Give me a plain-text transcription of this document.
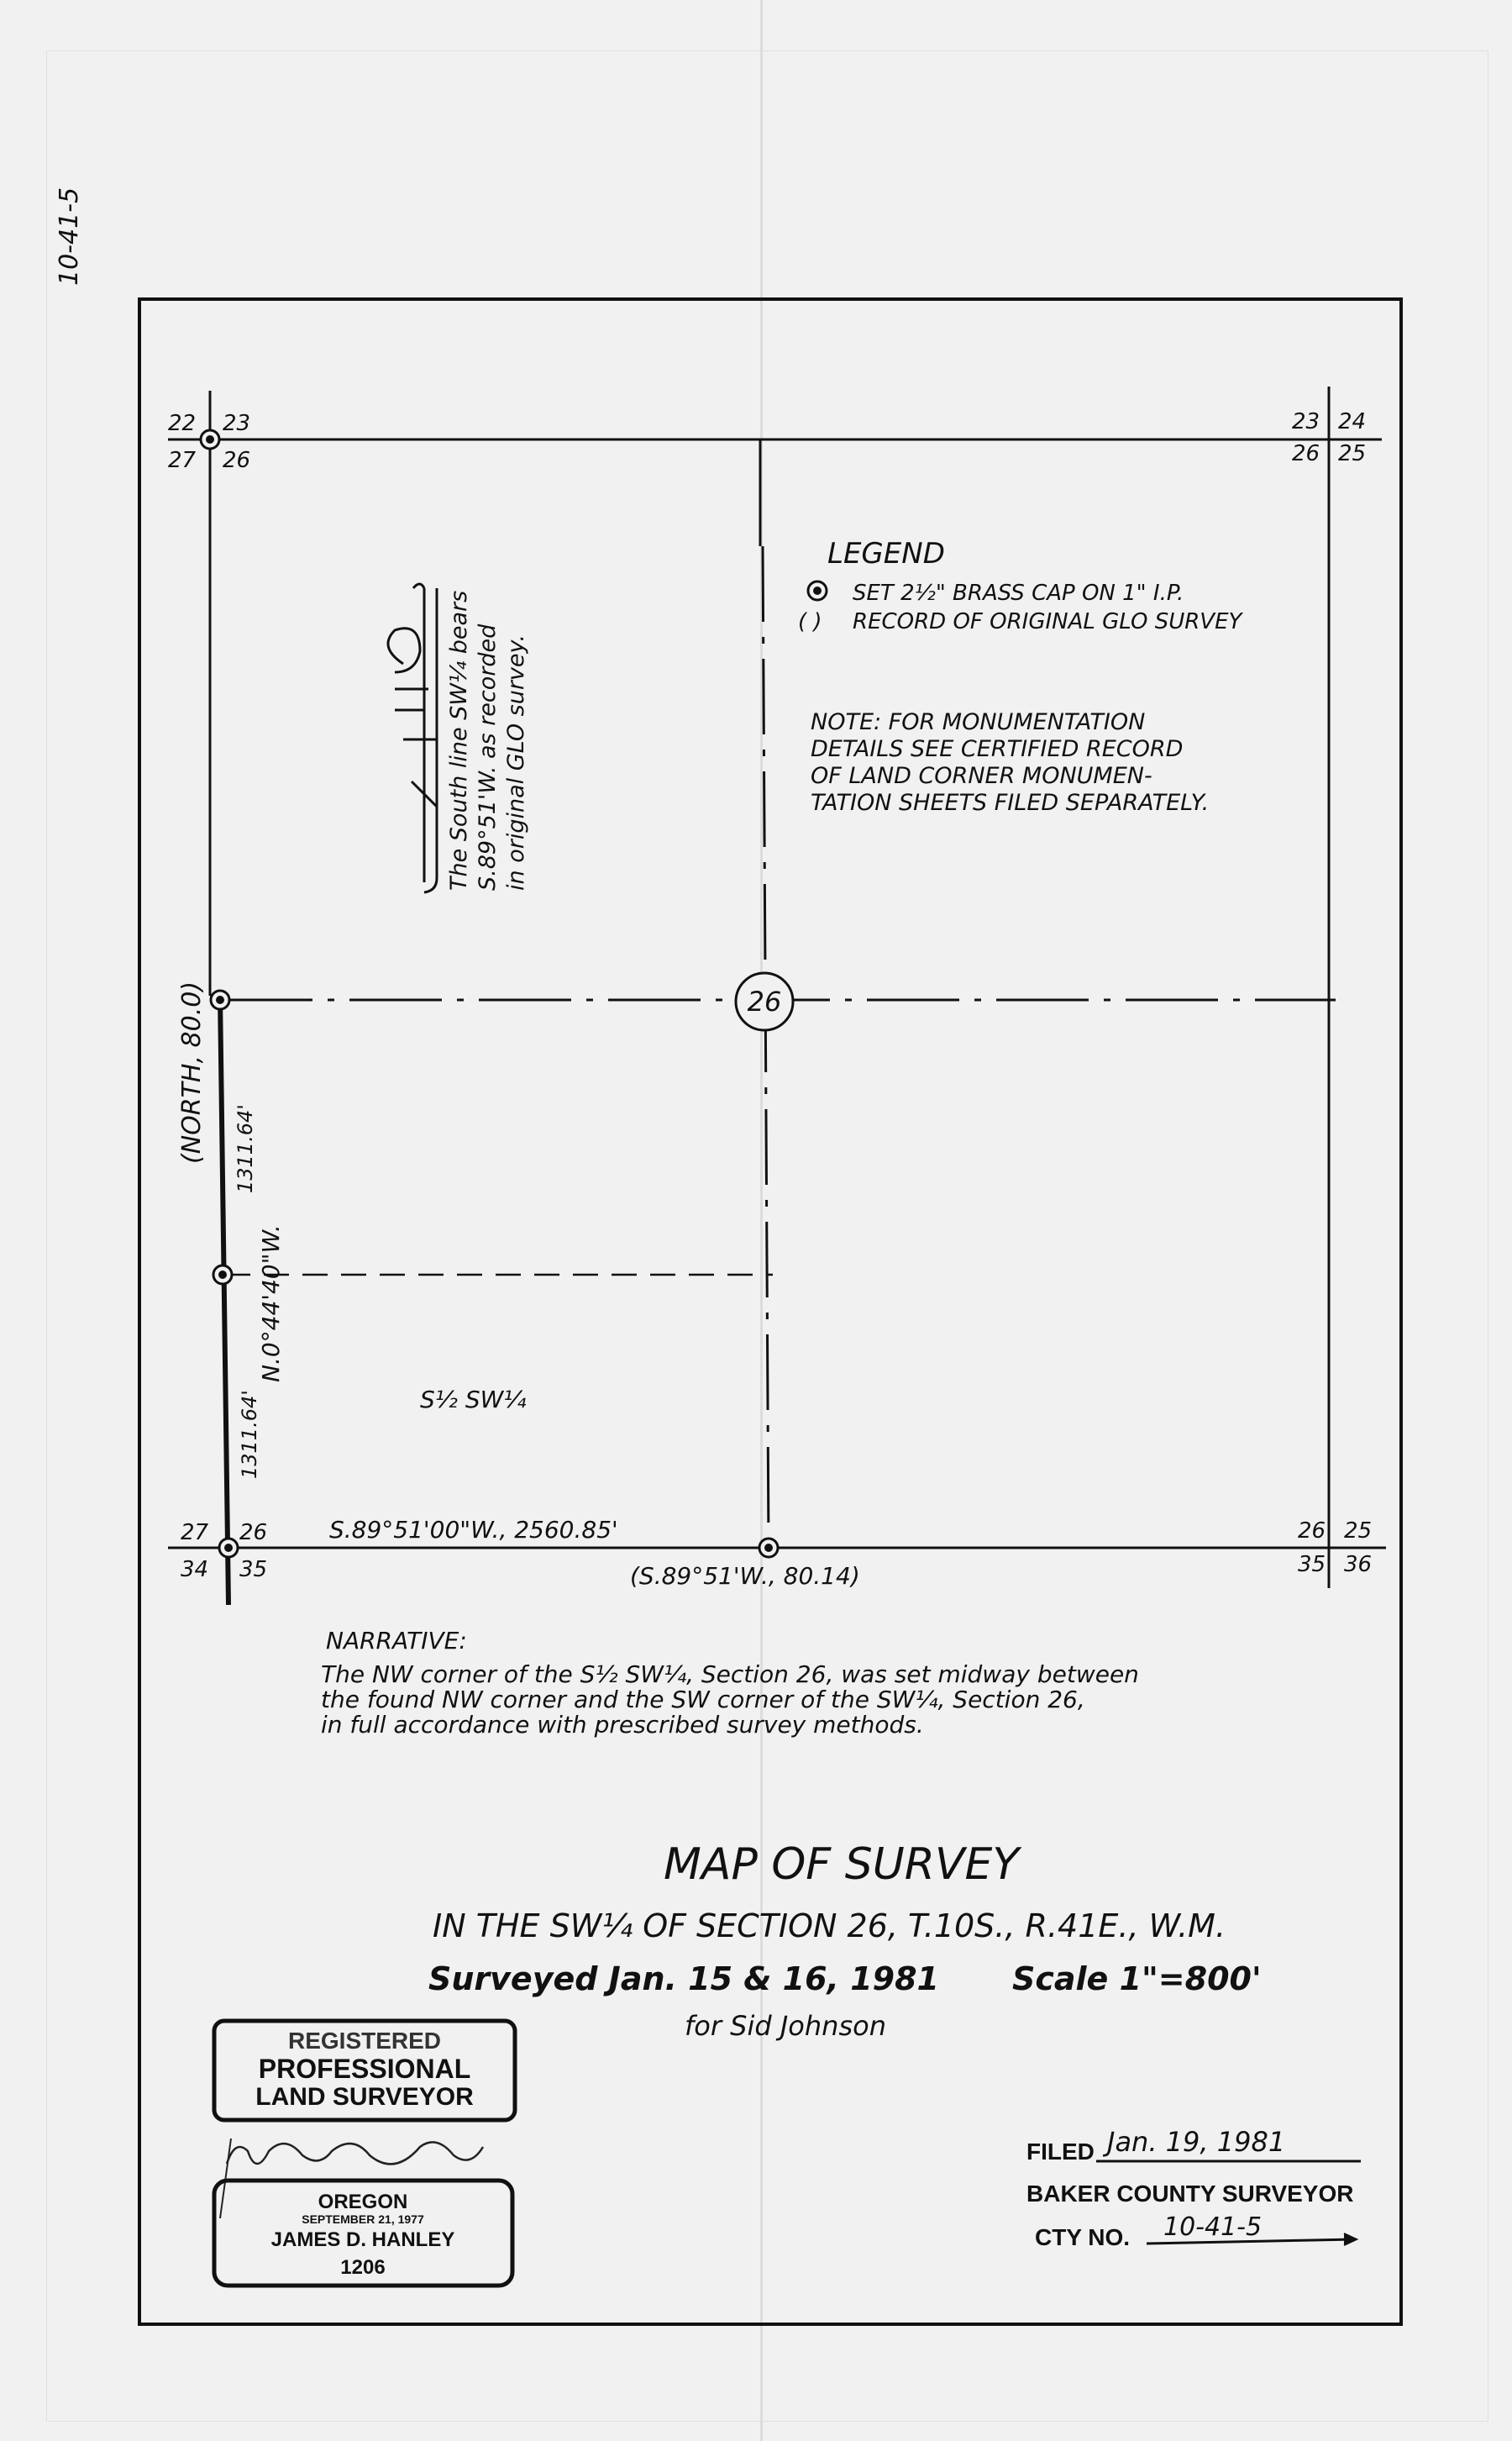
10-41-5
22 23
27 26
23 24
26 25
27 26
34 35
26 25
35 36
26
LEGEND
SET 2½" BRASS CAP ON 1" I.P.
( ) RECORD OF ORIGINAL GLO SURVEY
NOTE: FOR MONUMENTATION
DETAILS SEE CERTIFIED RECORD
OF LAND CORNER MONUMEN-
TATION SHEETS FILED SEPARATELY.
The South line SW¼ bears S.89°51'W. as recorded in original GLO survey.
(NORTH, 80.0)
N.0°44'40"W.
1311.64'
1311.64'	S½ SW¼
S.89°51'00"W., 2560.85'
(S.89°51'W., 80.14)
NARRATIVE:
The NW corner of the S½ SW¼, Section 26, was set midway between
the found NW corner and the SW corner of the SW¼, Section 26,
in full accordance with prescribed survey methods.
MAP OF SURVEY
IN THE SW¼ OF SECTION 26, T.10S., R.41E., W.M.
Surveyed Jan. 15 & 16, 1981 Scale 1"=800'
for Sid Johnson
REGISTERED
PROFESSIONAL
LAND SURVEYOR
OREGON
SEPTEMBER 21, 1977
JAMES D. HANLEY
1206
FILED Jan. 19, 1981
BAKER COUNTY SURVEYOR
CTY NO. 10-41-5
